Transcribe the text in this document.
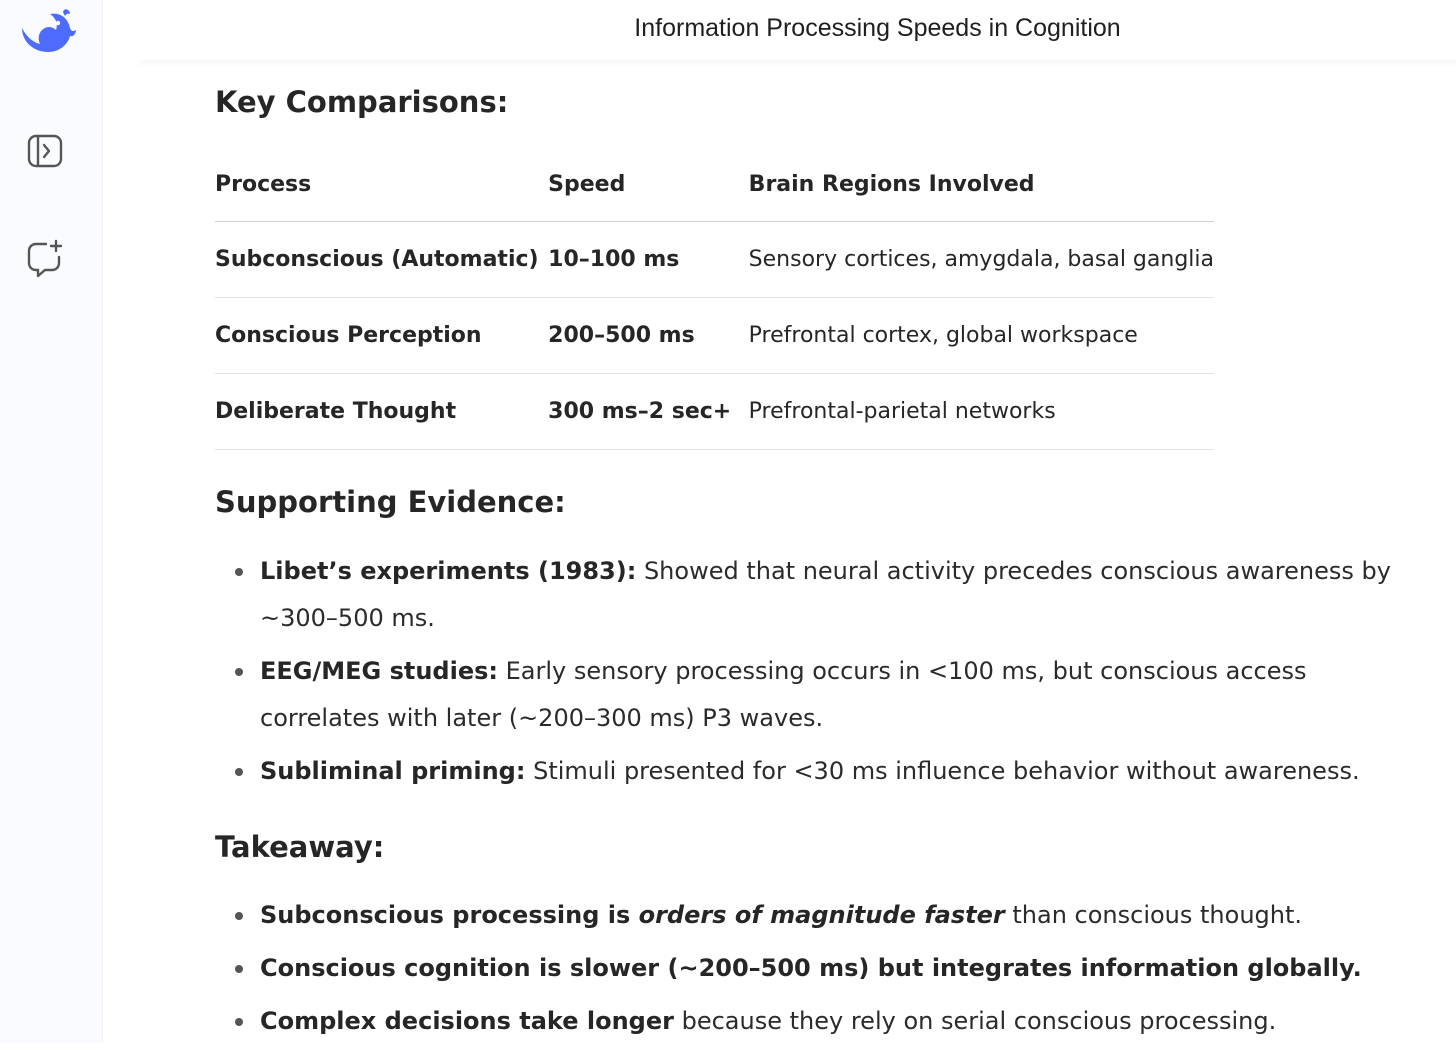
Information Processing Speeds in Cognition
Key Comparisons:
Process	Speed	Brain Regions Involved
Subconscious (Automatic)	10–100 ms	Sensory cortices, amygdala, basal ganglia
Conscious Perception	200–500 ms	Prefrontal cortex, global workspace
Deliberate Thought	300 ms–2 sec+	Prefrontal-parietal networks
Supporting Evidence:
Libet’s experiments (1983): Showed that neural activity precedes conscious awareness by ~300–500 ms.
EEG/MEG studies: Early sensory processing occurs in <100 ms, but conscious access correlates with later (~200–300 ms) P3 waves.
Subliminal priming: Stimuli presented for <30 ms influence behavior without awareness.
Takeaway:
Subconscious processing is orders of magnitude faster than conscious thought.
Conscious cognition is slower (~200–500 ms) but integrates information globally.
Complex decisions take longer because they rely on serial conscious processing.
